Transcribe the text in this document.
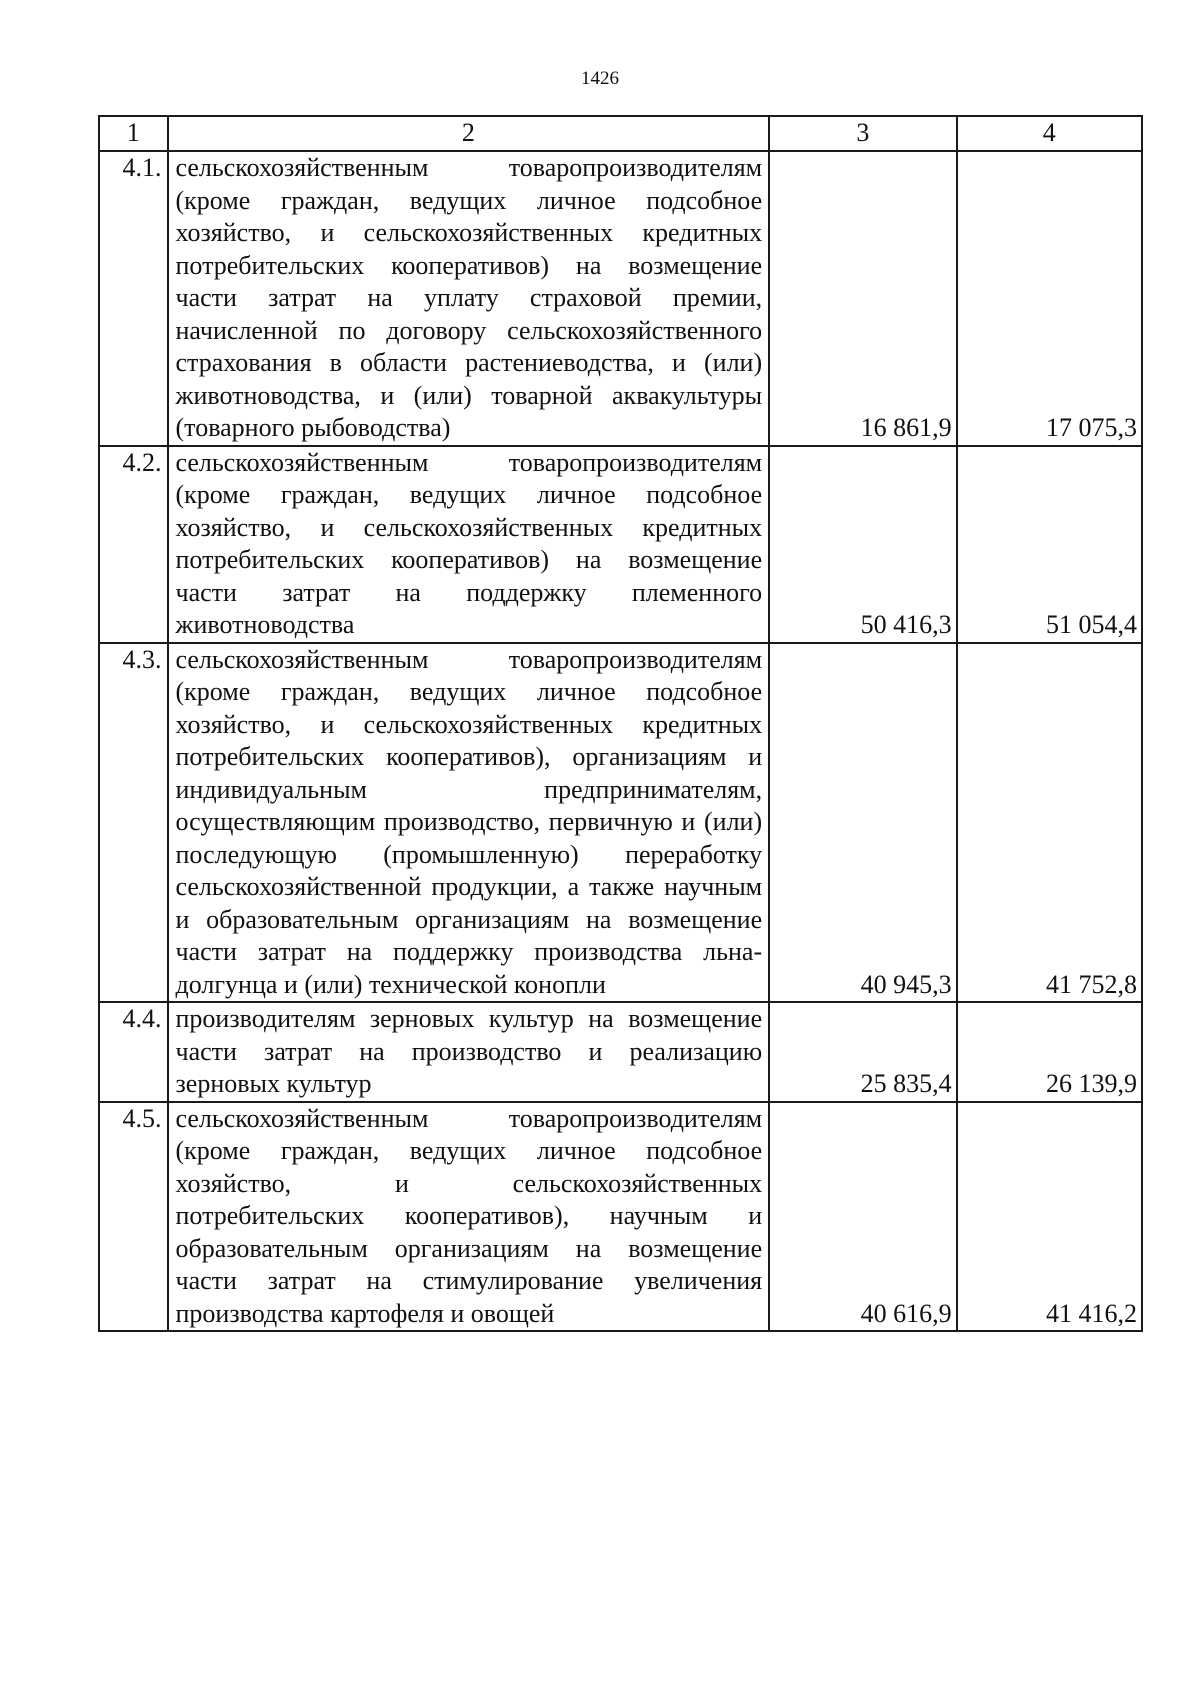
1426
1	2	3	4
4.1.	сельскохозяйственным товаропроизводителям (кроме граждан, ведущих личное подсобное хозяйство, и сельскохозяйственных кредитных потребительских кооперативов) на возмещение части затрат на уплату страховой премии, начисленной по договору сельскохозяйственного страхования в области растениеводства, и (или) животноводства, и (или) товарной аквакультуры (товарного рыбоводства)	16 861,9	17 075,3
4.2.	сельскохозяйственным товаропроизводителям (кроме граждан, ведущих личное подсобное хозяйство, и сельскохозяйственных кредитных потребительских кооперативов) на возмещение части затрат на поддержку племенного животноводства	50 416,3	51 054,4
4.3.	сельскохозяйственным товаропроизводителям (кроме граждан, ведущих личное подсобное хозяйство, и сельскохозяйственных кредитных потребительских кооперативов), организациям и индивидуальным предпринимателям, осуществляющим производство, первичную и (или) последующую (промышленную) переработку сельскохозяйственной продукции, а также научным и образовательным организациям на возмещение части затрат на поддержку производства льна-долгунца и (или) технической конопли	40 945,3	41 752,8
4.4.	производителям зерновых культур на возмещение части затрат на производство и реализацию зерновых культур	25 835,4	26 139,9
4.5.	сельскохозяйственным товаропроизводителям (кроме граждан, ведущих личное подсобное хозяйство, и сельскохозяйственных потребительских кооперативов), научным и образовательным организациям на возмещение части затрат на стимулирование увеличения производства картофеля и овощей	40 616,9	41 416,2
